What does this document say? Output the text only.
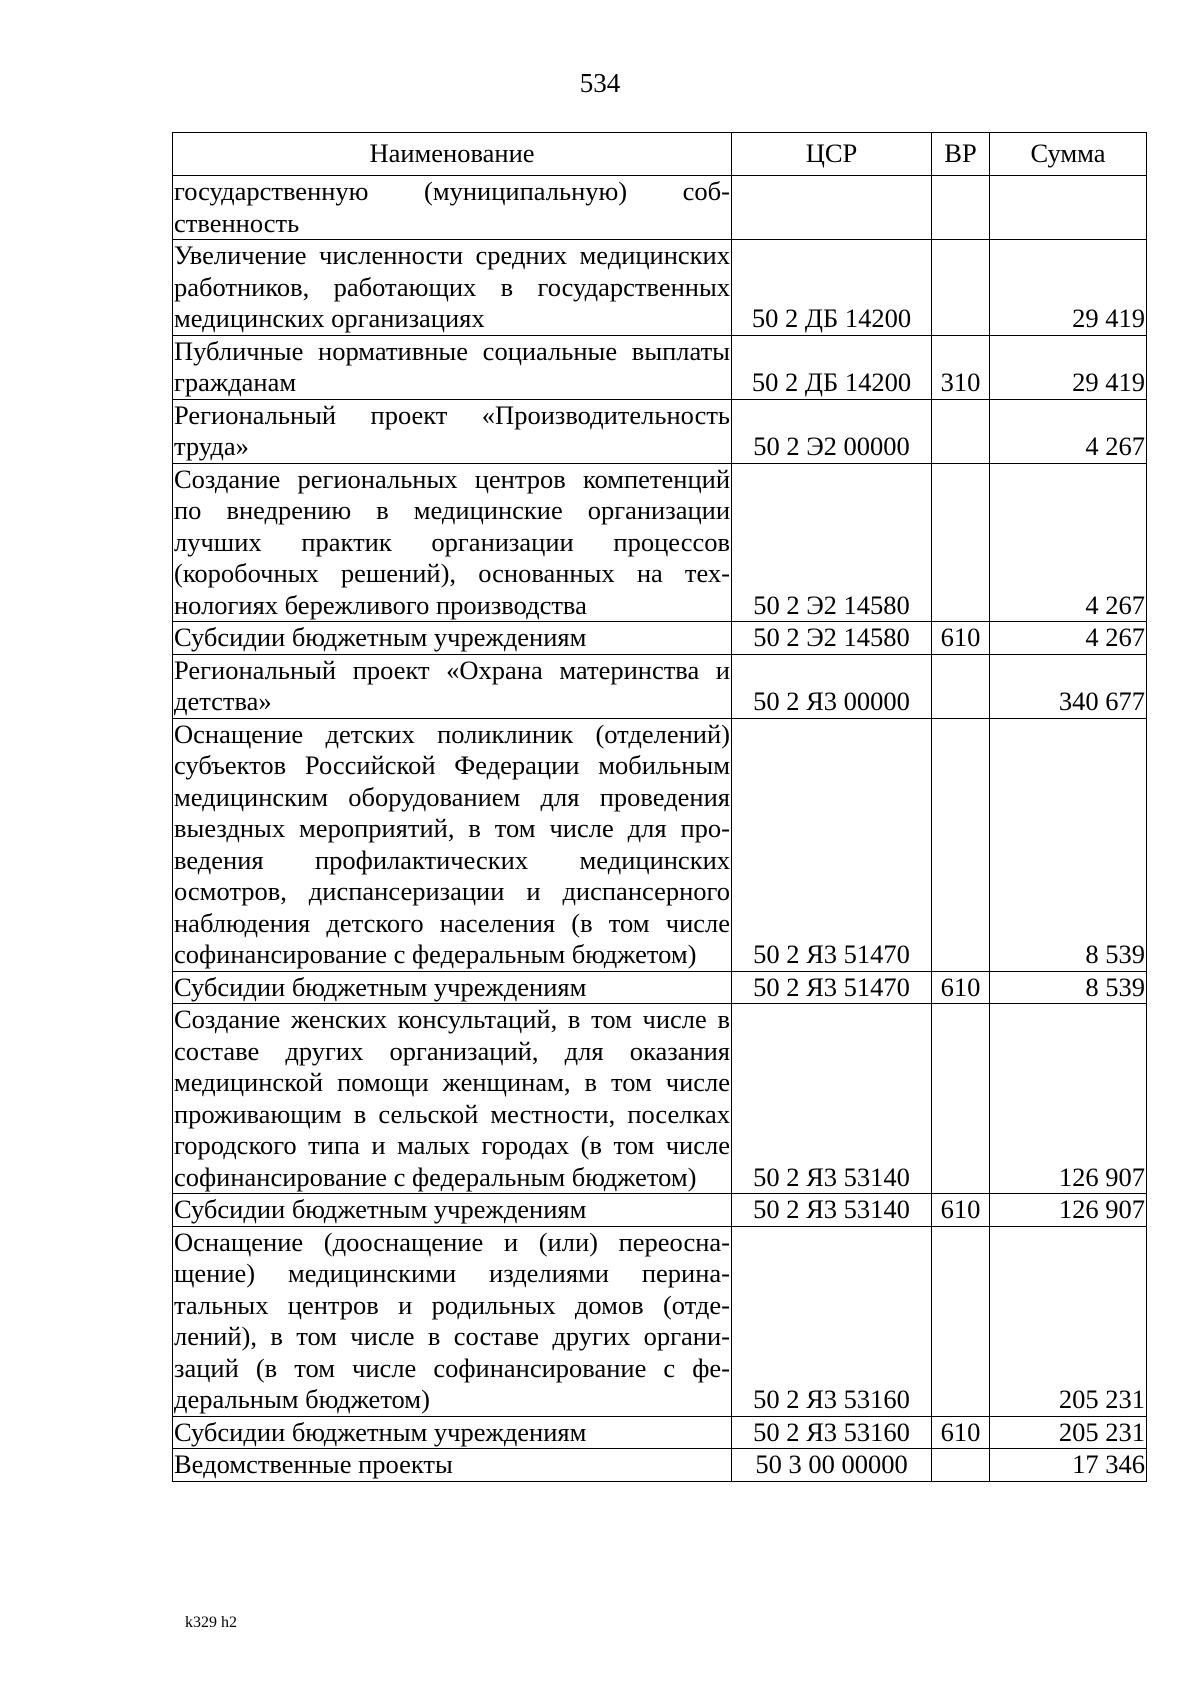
534
Наименование	ЦСР	ВР	Сумма
государственную (муниципальную) собственность			
Увеличение численности средних медицинских работников, работающих в государственных медицинских организациях	50 2 ДБ 14200		29 419
Публичные нормативные социальные выплаты гражданам	50 2 ДБ 14200	310	29 419
Региональный проект «Производительность труда»	50 2 Э2 00000		4 267
Создание региональных центров компетенций по внедрению в медицинские организации лучших практик организации процессов (коробочных решений), основанных на технологиях бережливого производства	50 2 Э2 14580		4 267
Субсидии бюджетным учреждениям	50 2 Э2 14580	610	4 267
Региональный проект «Охрана материнства и детства»	50 2 Я3 00000		340 677
Оснащение детских поликлиник (отделений) субъектов Российской Федерации мобильным медицинским оборудованием для проведения выездных мероприятий, в том числе для проведения профилактических медицинских осмотров, диспансеризации и диспансерного наблюдения детского населения (в том числе софинансирование с федеральным бюджетом)	50 2 Я3 51470		8 539
Субсидии бюджетным учреждениям	50 2 Я3 51470	610	8 539
Создание женских консультаций, в том числе в составе других организаций, для оказания медицинской помощи женщинам, в том числе проживающим в сельской местности, поселках городского типа и малых городах (в том числе софинансирование с федеральным бюджетом)	50 2 Я3 53140		126 907
Субсидии бюджетным учреждениям	50 2 Я3 53140	610	126 907
Оснащение (дооснащение и (или) переоснащение) медицинскими изделиями перинатальных центров и родильных домов (отделений), в том числе в составе других организаций (в том числе софинансирование с федеральным бюджетом)	50 2 Я3 53160		205 231
Субсидии бюджетным учреждениям	50 2 Я3 53160	610	205 231
Ведомственные проекты	50 3 00 00000		17 346
k329 h2
